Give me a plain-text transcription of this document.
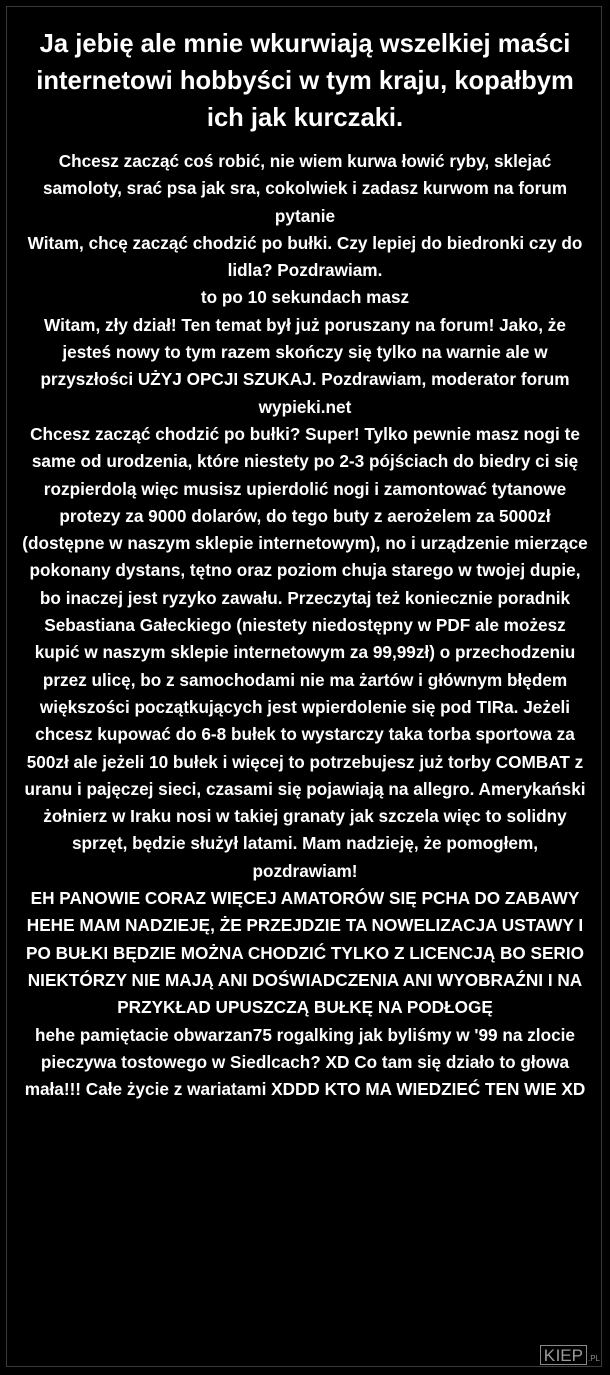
Ja jebię ale mnie wkurwiają wszelkiej maści internetowi hobbyści w tym kraju, kopałbym ich jak kurczaki.

Chcesz zacząć coś robić, nie wiem kurwa łowić ryby, sklejać samoloty, srać psa jak sra, cokolwiek i zadasz kurwom na forum pytanie

Witam, chcę zacząć chodzić po bułki. Czy lepiej do biedronki czy do lidla? Pozdrawiam.

to po 10 sekundach masz

Witam, zły dział! Ten temat był już poruszany na forum! Jako, że jesteś nowy to tym razem skończy się tylko na warnie ale w przyszłości UŻYJ OPCJI SZUKAJ. Pozdrawiam, moderator forum wypieki.net

Chcesz zacząć chodzić po bułki? Super! Tylko pewnie masz nogi te same od urodzenia, które niestety po 2-3 pójściach do biedry ci się rozpierdolą więc musisz upierdolić nogi i zamontować tytanowe protezy za 9000 dolarów, do tego buty z aerożelem za 5000zł (dostępne w naszym sklepie internetowym), no i urządzenie mierzące pokonany dystans, tętno oraz poziom chuja starego w twojej dupie, bo inaczej jest ryzyko zawału. Przeczytaj też koniecznie poradnik Sebastiana Gałeckiego (niestety niedostępny w PDF ale możesz kupić w naszym sklepie internetowym za 99,99zł) o przechodzeniu przez ulicę, bo z samochodami nie ma żartów i głównym błędem większości początkujących jest wpierdolenie się pod TIRa. Jeżeli chcesz kupować do 6-8 bułek to wystarczy taka torba sportowa za 500zł ale jeżeli 10 bułek i więcej to potrzebujesz już torby COMBAT z uranu i pajęczej sieci, czasami się pojawiają na allegro. Amerykański żołnierz w Iraku nosi w takiej granaty jak szczela więc to solidny sprzęt, będzie służył latami. Mam nadzieję, że pomogłem, pozdrawiam!

EH PANOWIE CORAZ WIĘCEJ AMATORÓW SIĘ PCHA DO ZABAWY HEHE MAM NADZIEJĘ, ŻE PRZEJDZIE TA NOWELIZACJA USTAWY I PO BUŁKI BĘDZIE MOŻNA CHODZIĆ TYLKO Z LICENCJĄ BO SERIO NIEKTÓRZY NIE MAJĄ ANI DOŚWIADCZENIA ANI WYOBRAŹNI I NA PRZYKŁAD UPUSZCZĄ BUŁKĘ NA PODŁOGĘ

hehe pamiętacie obwarzan75 rogalking jak byliśmy w '99 na zlocie pieczywa tostowego w Siedlcach? XD Co tam się działo to głowa mała!!! Całe życie z wariatami XDDD KTO MA WIEDZIEĆ TEN WIE XD

K IEP .PL
